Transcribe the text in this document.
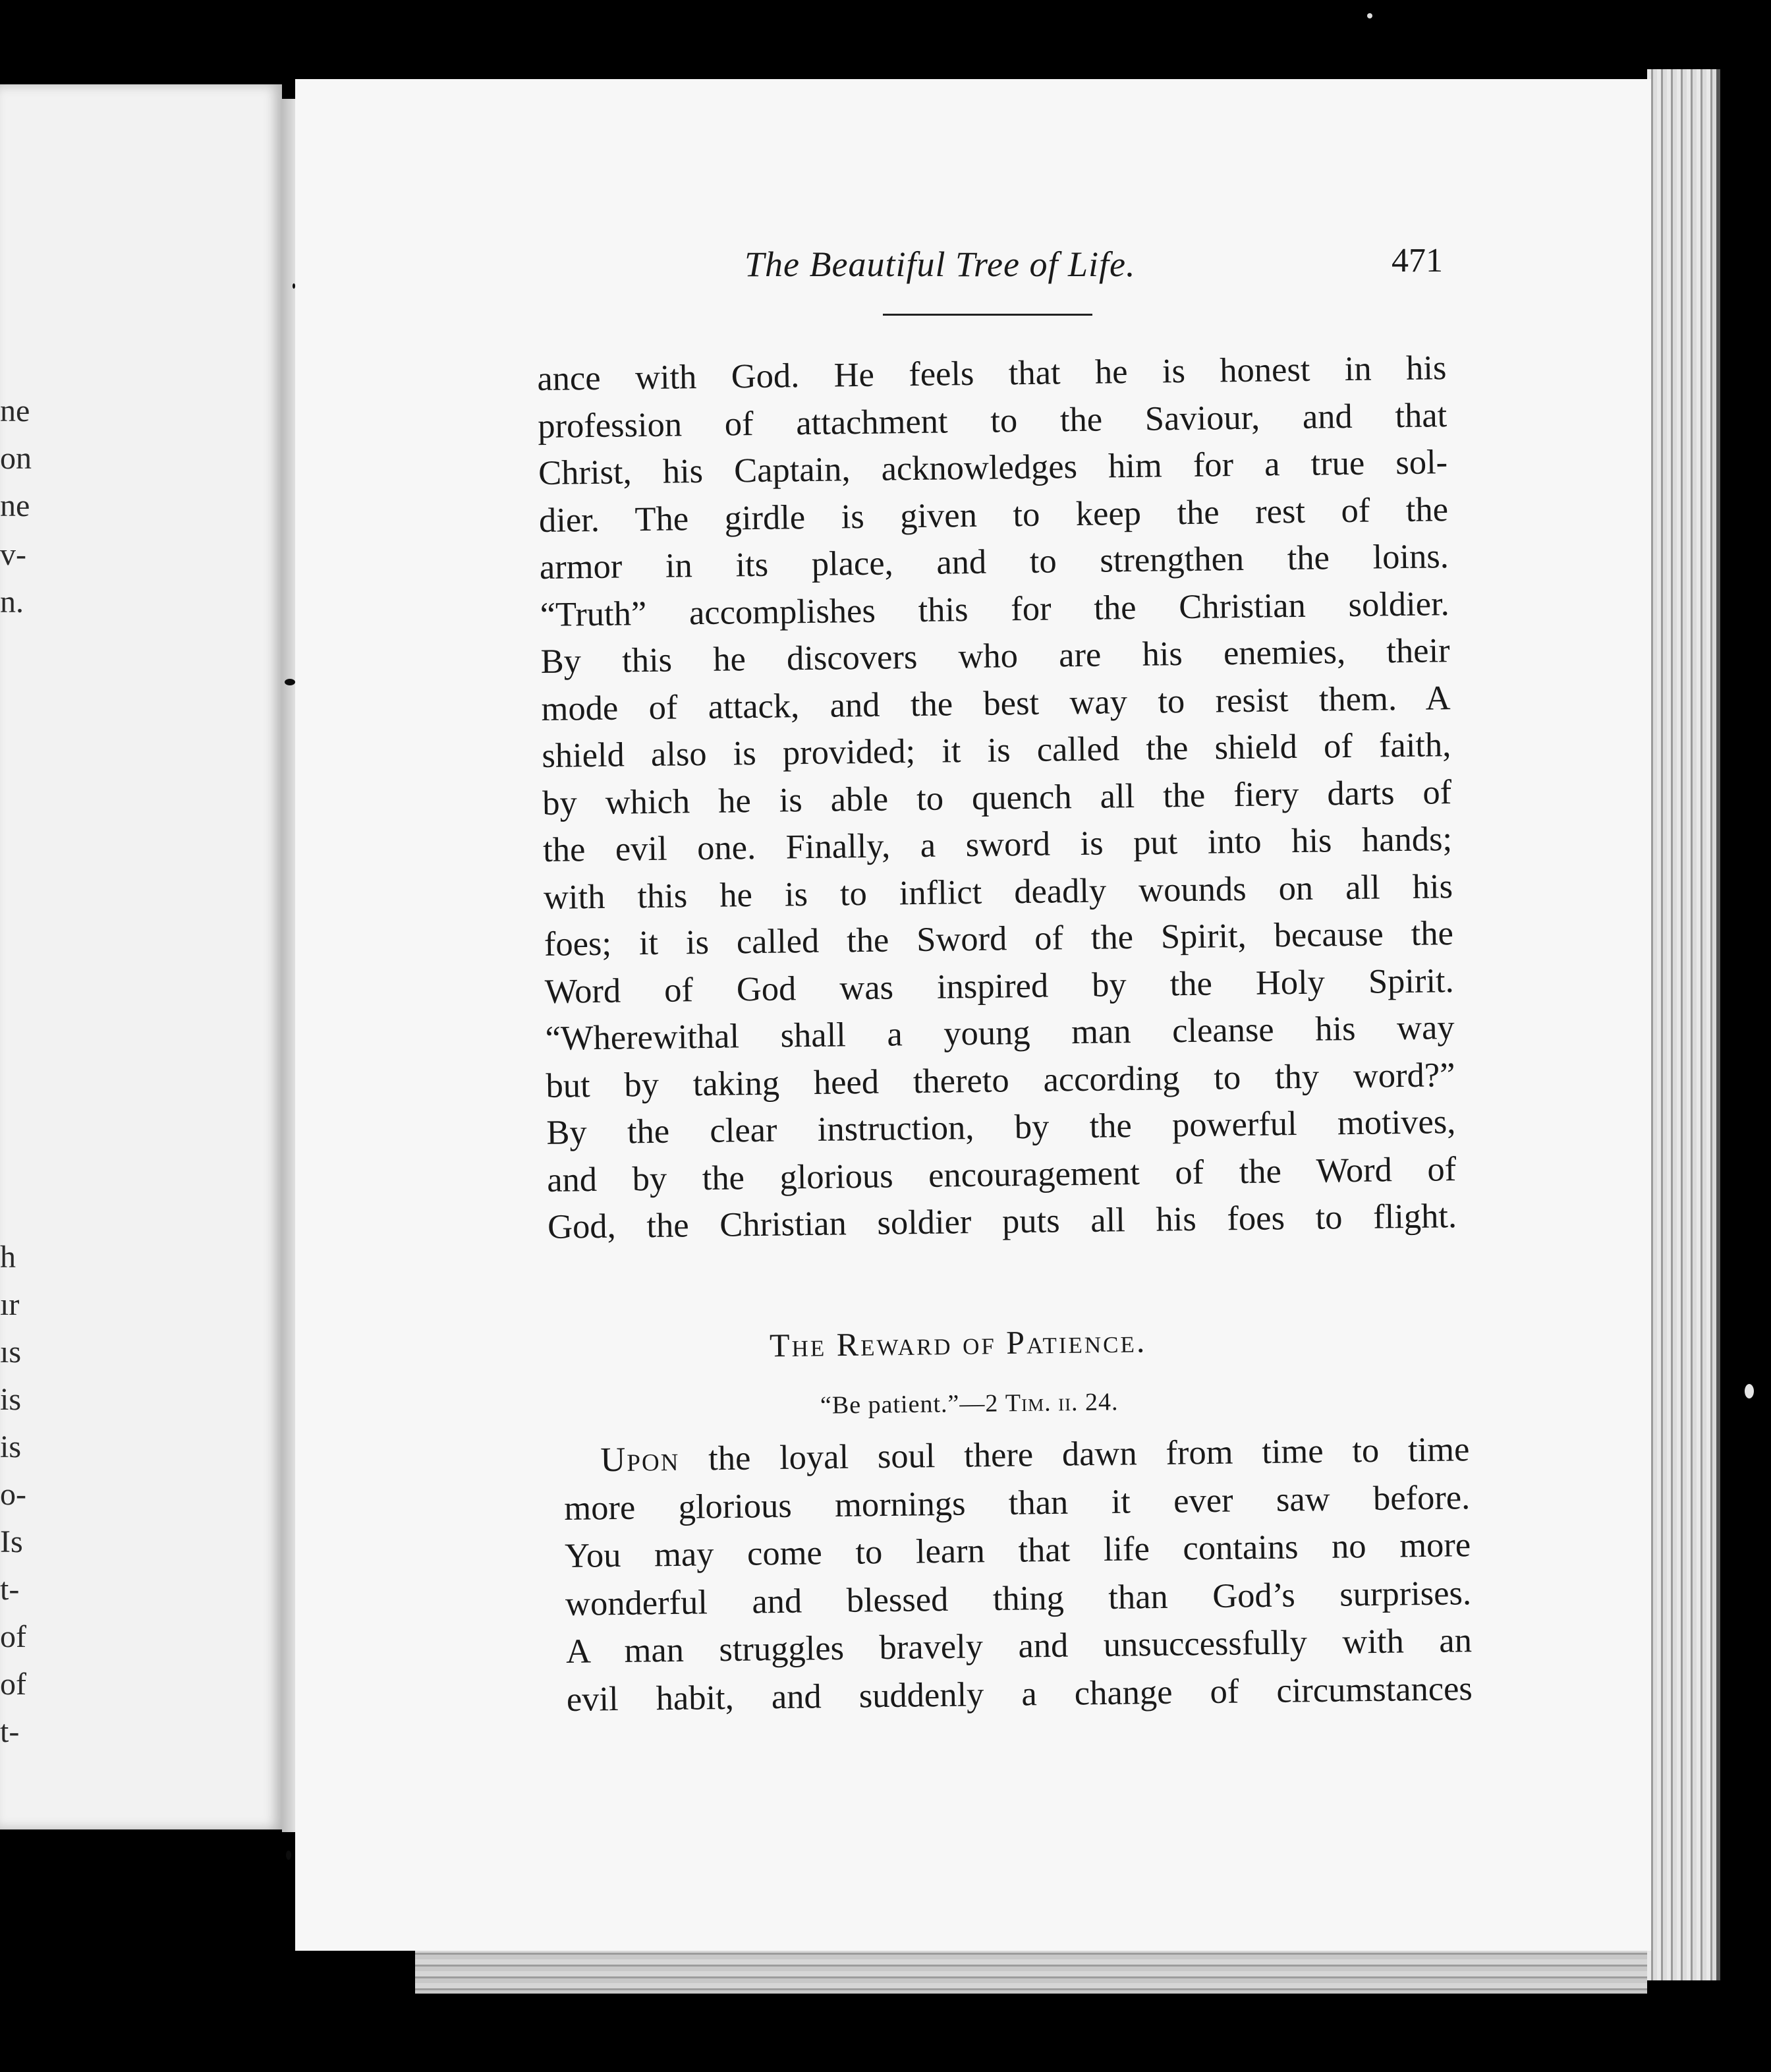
ne
on
ne
v-
n.
h
ır
ıs
is
is
o-
Is
t-
of
of
t-
The Beautiful Tree of Life.	471
ance with God. He feels that he is honest in his
profession of attachment to the Saviour, and that
Christ, his Captain, acknowledges him for a true sol-
dier. The girdle is given to keep the rest of the
armor in its place, and to strengthen the loins.
“Truth” accomplishes this for the Christian soldier.
By this he discovers who are his enemies, their
mode of attack, and the best way to resist them. A
shield also is provided; it is called the shield of faith,
by which he is able to quench all the fiery darts of
the evil one. Finally, a sword is put into his hands;
with this he is to inflict deadly wounds on all his
foes; it is called the Sword of the Spirit, because the
Word of God was inspired by the Holy Spirit.
“Wherewithal shall a young man cleanse his way
but by taking heed thereto according to thy word?”
By the clear instruction, by the powerful motives,
and by the glorious encouragement of the Word of
God, the Christian soldier puts all his foes to flight.
The Reward of Patience.
“Be patient.”—2 Tim. ii. 24.
Upon the loyal soul there dawn from time to time
more glorious mornings than it ever saw before.
You may come to learn that life contains no more
wonderful and blessed thing than God’s surprises.
A man struggles bravely and unsuccessfully with an
evil habit, and suddenly a change of circumstances
